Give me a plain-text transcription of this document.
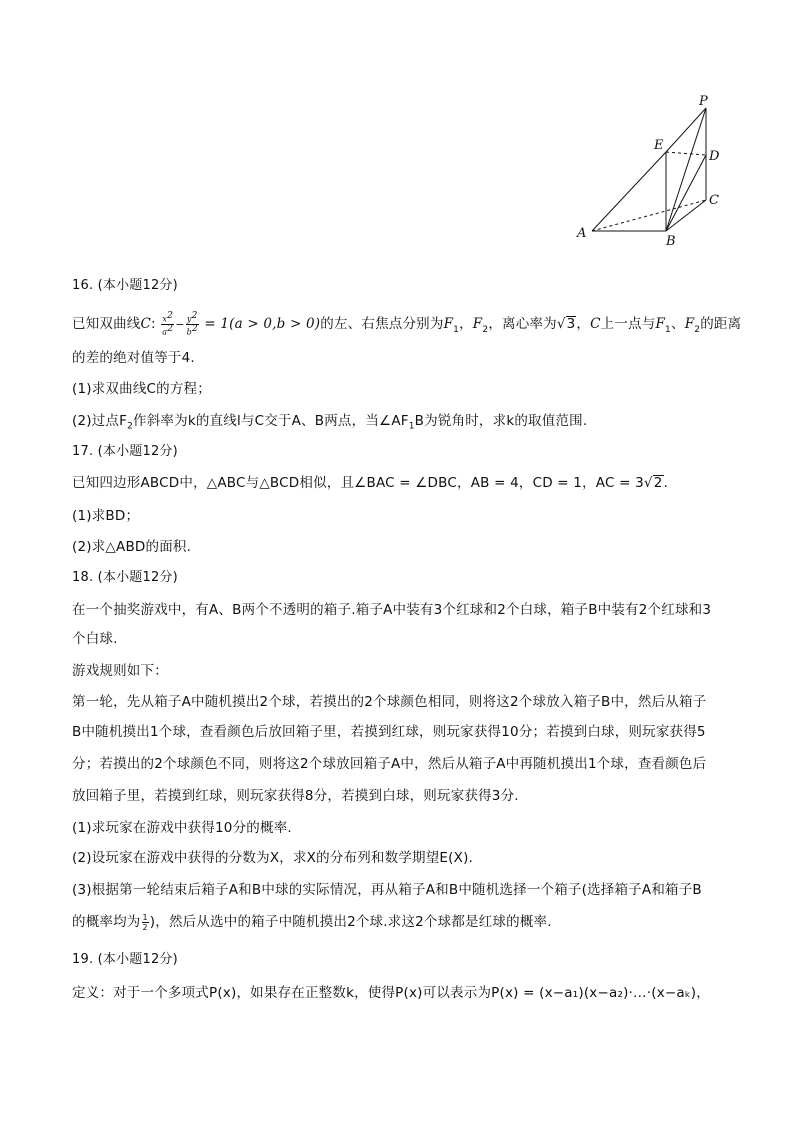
P
E
D
C
A
B
16. (本小题12分)
已知双曲线C: $\frac{x^2}{a^2} - \frac{y^2}{b^2} = 1(a > 0,b > 0)$的左、右焦点分别为$F_1$，$F_2$，离心率为√3，C上一点与$F_1$、$F_2$的距离
的差的绝对值等于4.
(1)求双曲线C的方程；
(2)过点$F_2$作斜率为k的直线l与C交于A、B两点，当$\angle AF_1B$为锐角时，求k的取值范围.
17. (本小题12分)
已知四边形ABCD中，△ABC与△BCD相似，且∠BAC = ∠DBC，AB = 4，CD = 1，AC = 3√2.
(1)求BD；
(2)求△ABD的面积.
18. (本小题12分)
在一个抽奖游戏中，有A、B两个不透明的箱子.箱子A中装有3个红球和2个白球，箱子B中装有2个红球和3
个白球.
游戏规则如下：
第一轮，先从箱子A中随机摸出2个球，若摸出的2个球颜色相同，则将这2个球放入箱子B中，然后从箱子
B中随机摸出1个球，查看颜色后放回箱子里，若摸到红球，则玩家获得10分；若摸到白球，则玩家获得5
分；若摸出的2个球颜色不同，则将这2个球放回箱子A中，然后从箱子A中再随机摸出1个球，查看颜色后
放回箱子里，若摸到红球，则玩家获得8分，若摸到白球，则玩家获得3分.
(1)求玩家在游戏中获得10分的概率.
(2)设玩家在游戏中获得的分数为X，求X的分布列和数学期望E(X).
(3)根据第一轮结束后箱子A和B中球的实际情况，再从箱子A和B中随机选择一个箱子(选择箱子A和箱子B
的概率均为 $\frac{1}{2}$ )，然后从选中的箱子中随机摸出2个球.求这2个球都是红球的概率.
19. (本小题12分)
定义：对于一个多项式P(x)，如果存在正整数k，使得P(x)可以表示为P(x) = (x−a₁)(x−a₂)·…·(x−aₖ)，
